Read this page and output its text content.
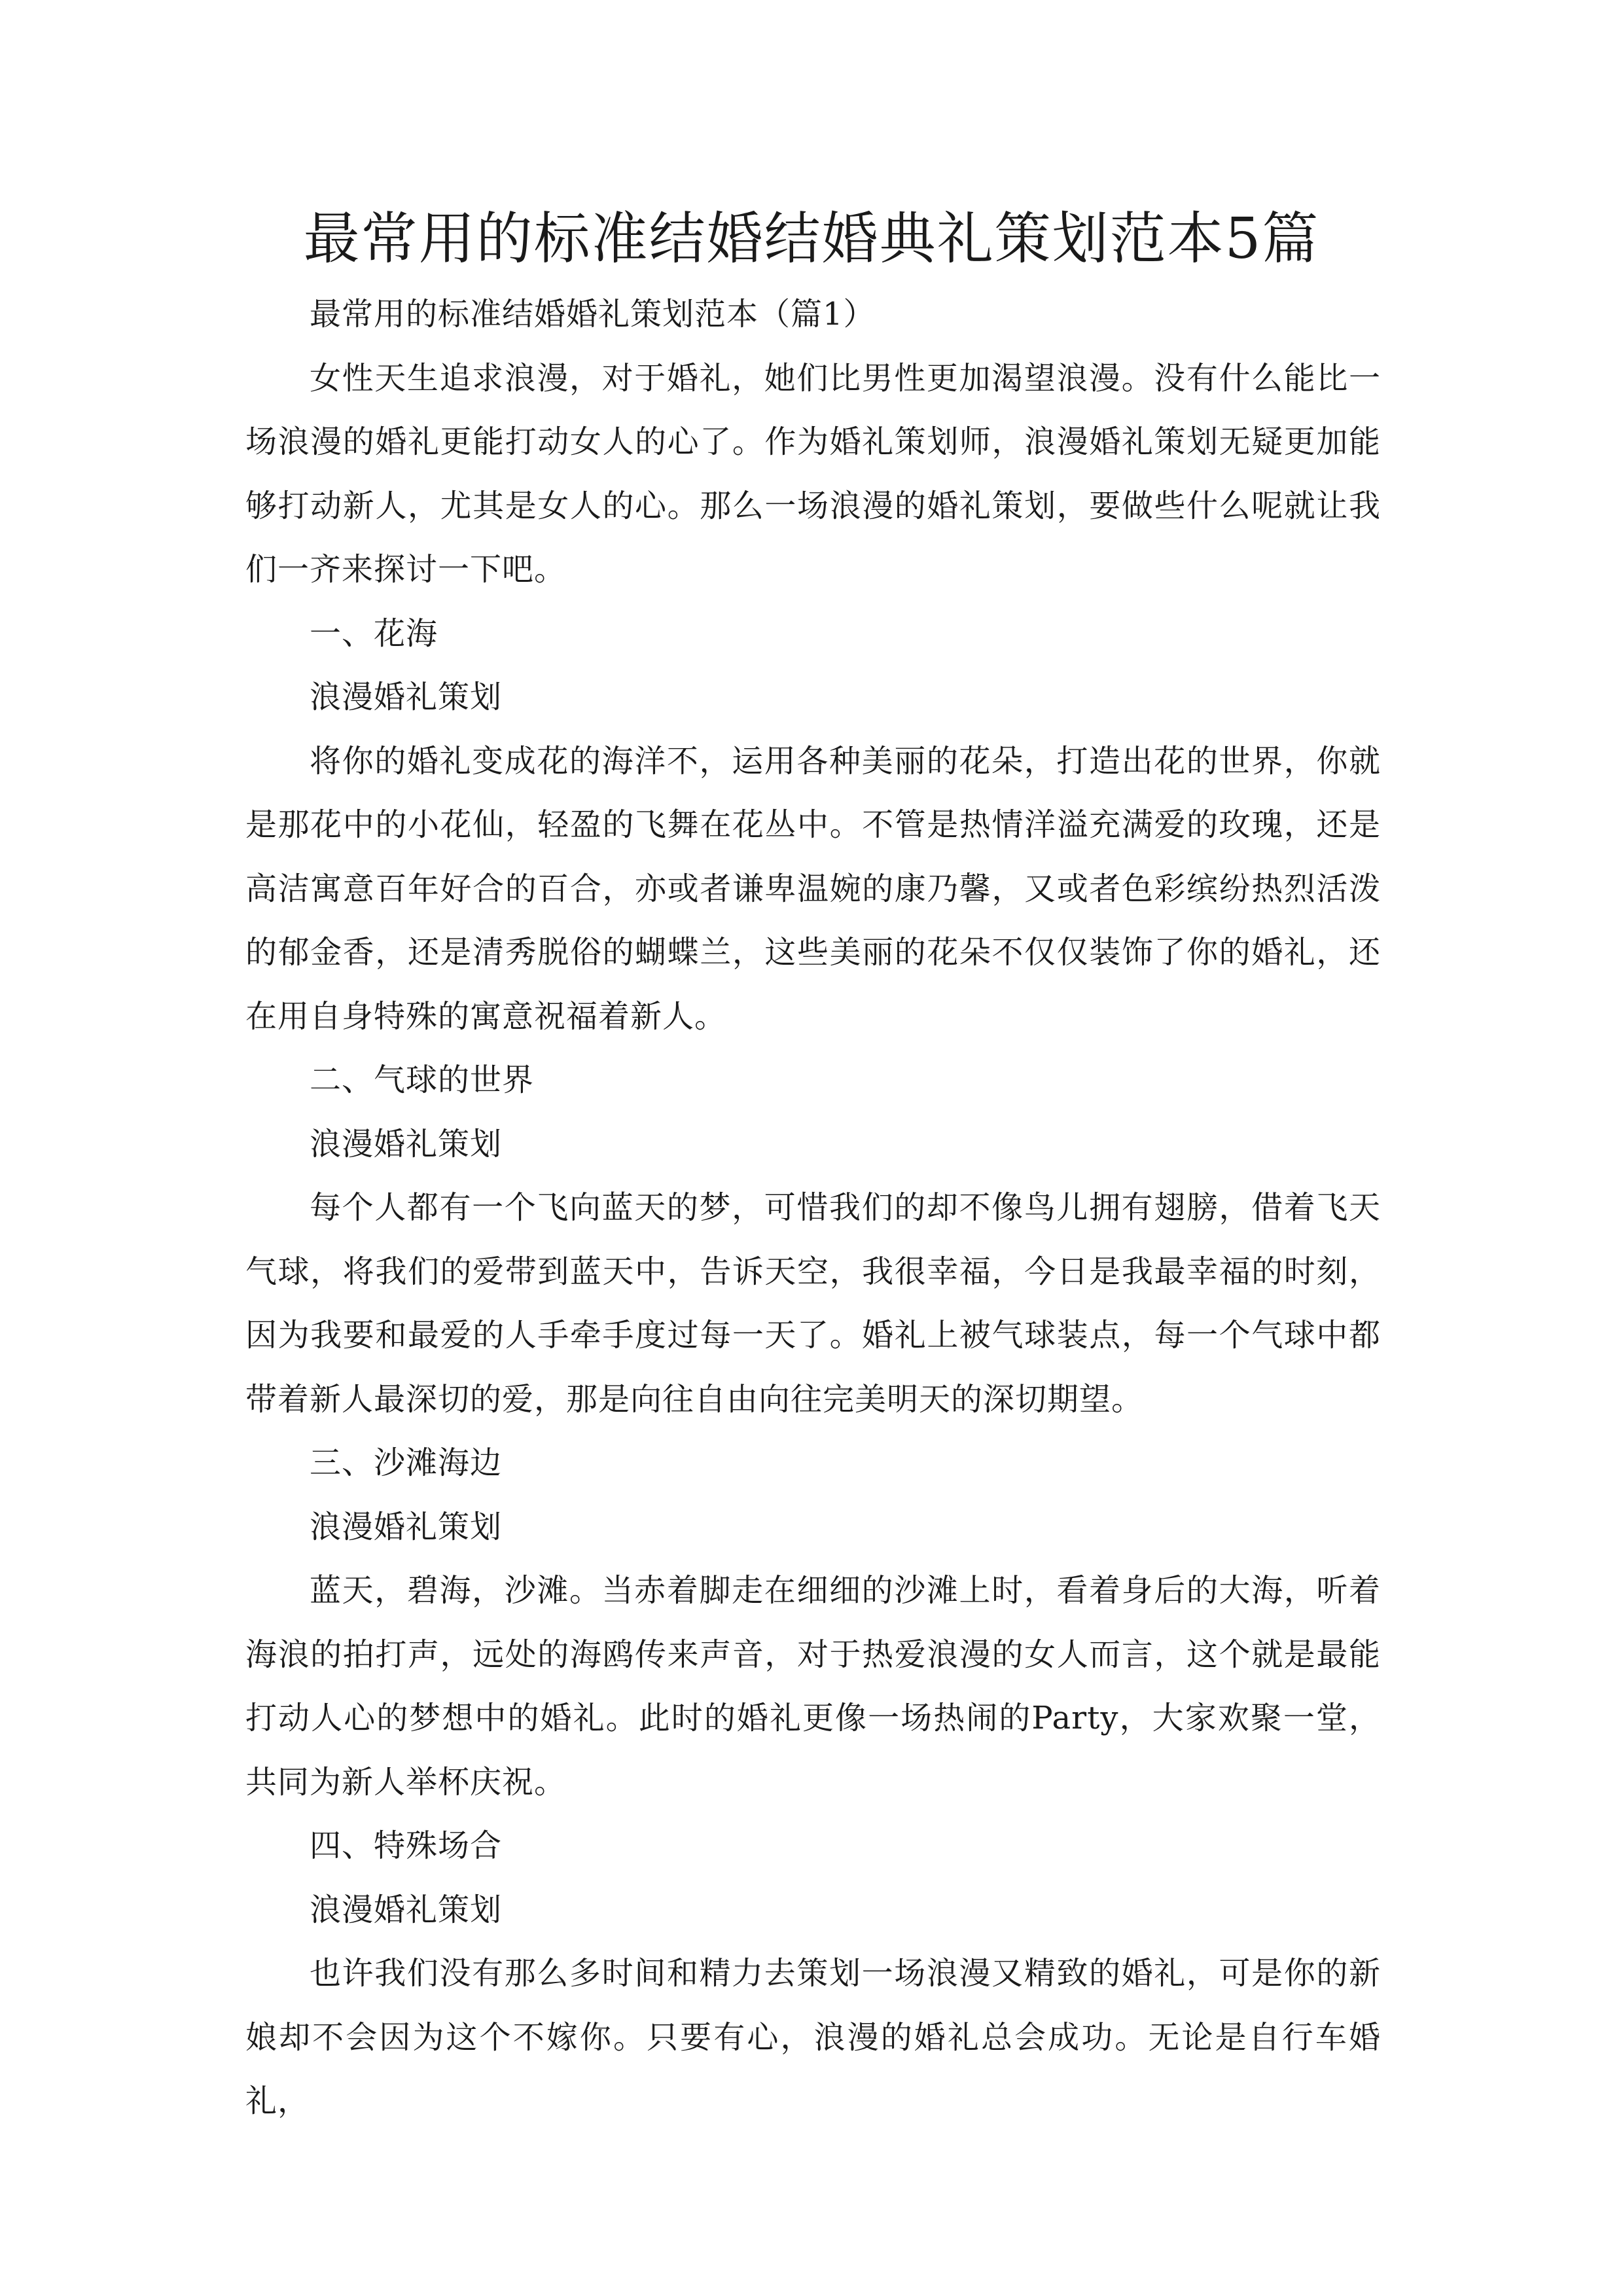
最常用的标准结婚结婚典礼策划范本5篇

最常用的标准结婚婚礼策划范本（篇1）

女性天生追求浪漫，对于婚礼，她们比男性更加渴望浪漫。没有什么能比一场浪漫的婚礼更能打动女人的心了。作为婚礼策划师，浪漫婚礼策划无疑更加能够打动新人，尤其是女人的心。那么一场浪漫的婚礼策划，要做些什么呢就让我们一齐来探讨一下吧。

一、花海

浪漫婚礼策划

将你的婚礼变成花的海洋不，运用各种美丽的花朵，打造出花的世界，你就是那花中的小花仙，轻盈的飞舞在花丛中。不管是热情洋溢充满爱的玫瑰，还是高洁寓意百年好合的百合，亦或者谦卑温婉的康乃馨，又或者色彩缤纷热烈活泼的郁金香，还是清秀脱俗的蝴蝶兰，这些美丽的花朵不仅仅装饰了你的婚礼，还在用自身特殊的寓意祝福着新人。

二、气球的世界

浪漫婚礼策划

每个人都有一个飞向蓝天的梦，可惜我们的却不像鸟儿拥有翅膀，借着飞天气球，将我们的爱带到蓝天中，告诉天空，我很幸福，今日是我最幸福的时刻，因为我要和最爱的人手牵手度过每一天了。婚礼上被气球装点，每一个气球中都带着新人最深切的爱，那是向往自由向往完美明天的深切期望。

三、沙滩海边

浪漫婚礼策划

蓝天，碧海，沙滩。当赤着脚走在细细的沙滩上时，看着身后的大海，听着海浪的拍打声，远处的海鸥传来声音，对于热爱浪漫的女人而言，这个就是最能打动人心的梦想中的婚礼。此时的婚礼更像一场热闹的Party，大家欢聚一堂，共同为新人举杯庆祝。

四、特殊场合

浪漫婚礼策划

也许我们没有那么多时间和精力去策划一场浪漫又精致的婚礼，可是你的新娘却不会因为这个不嫁你。只要有心，浪漫的婚礼总会成功。无论是自行车婚礼，
